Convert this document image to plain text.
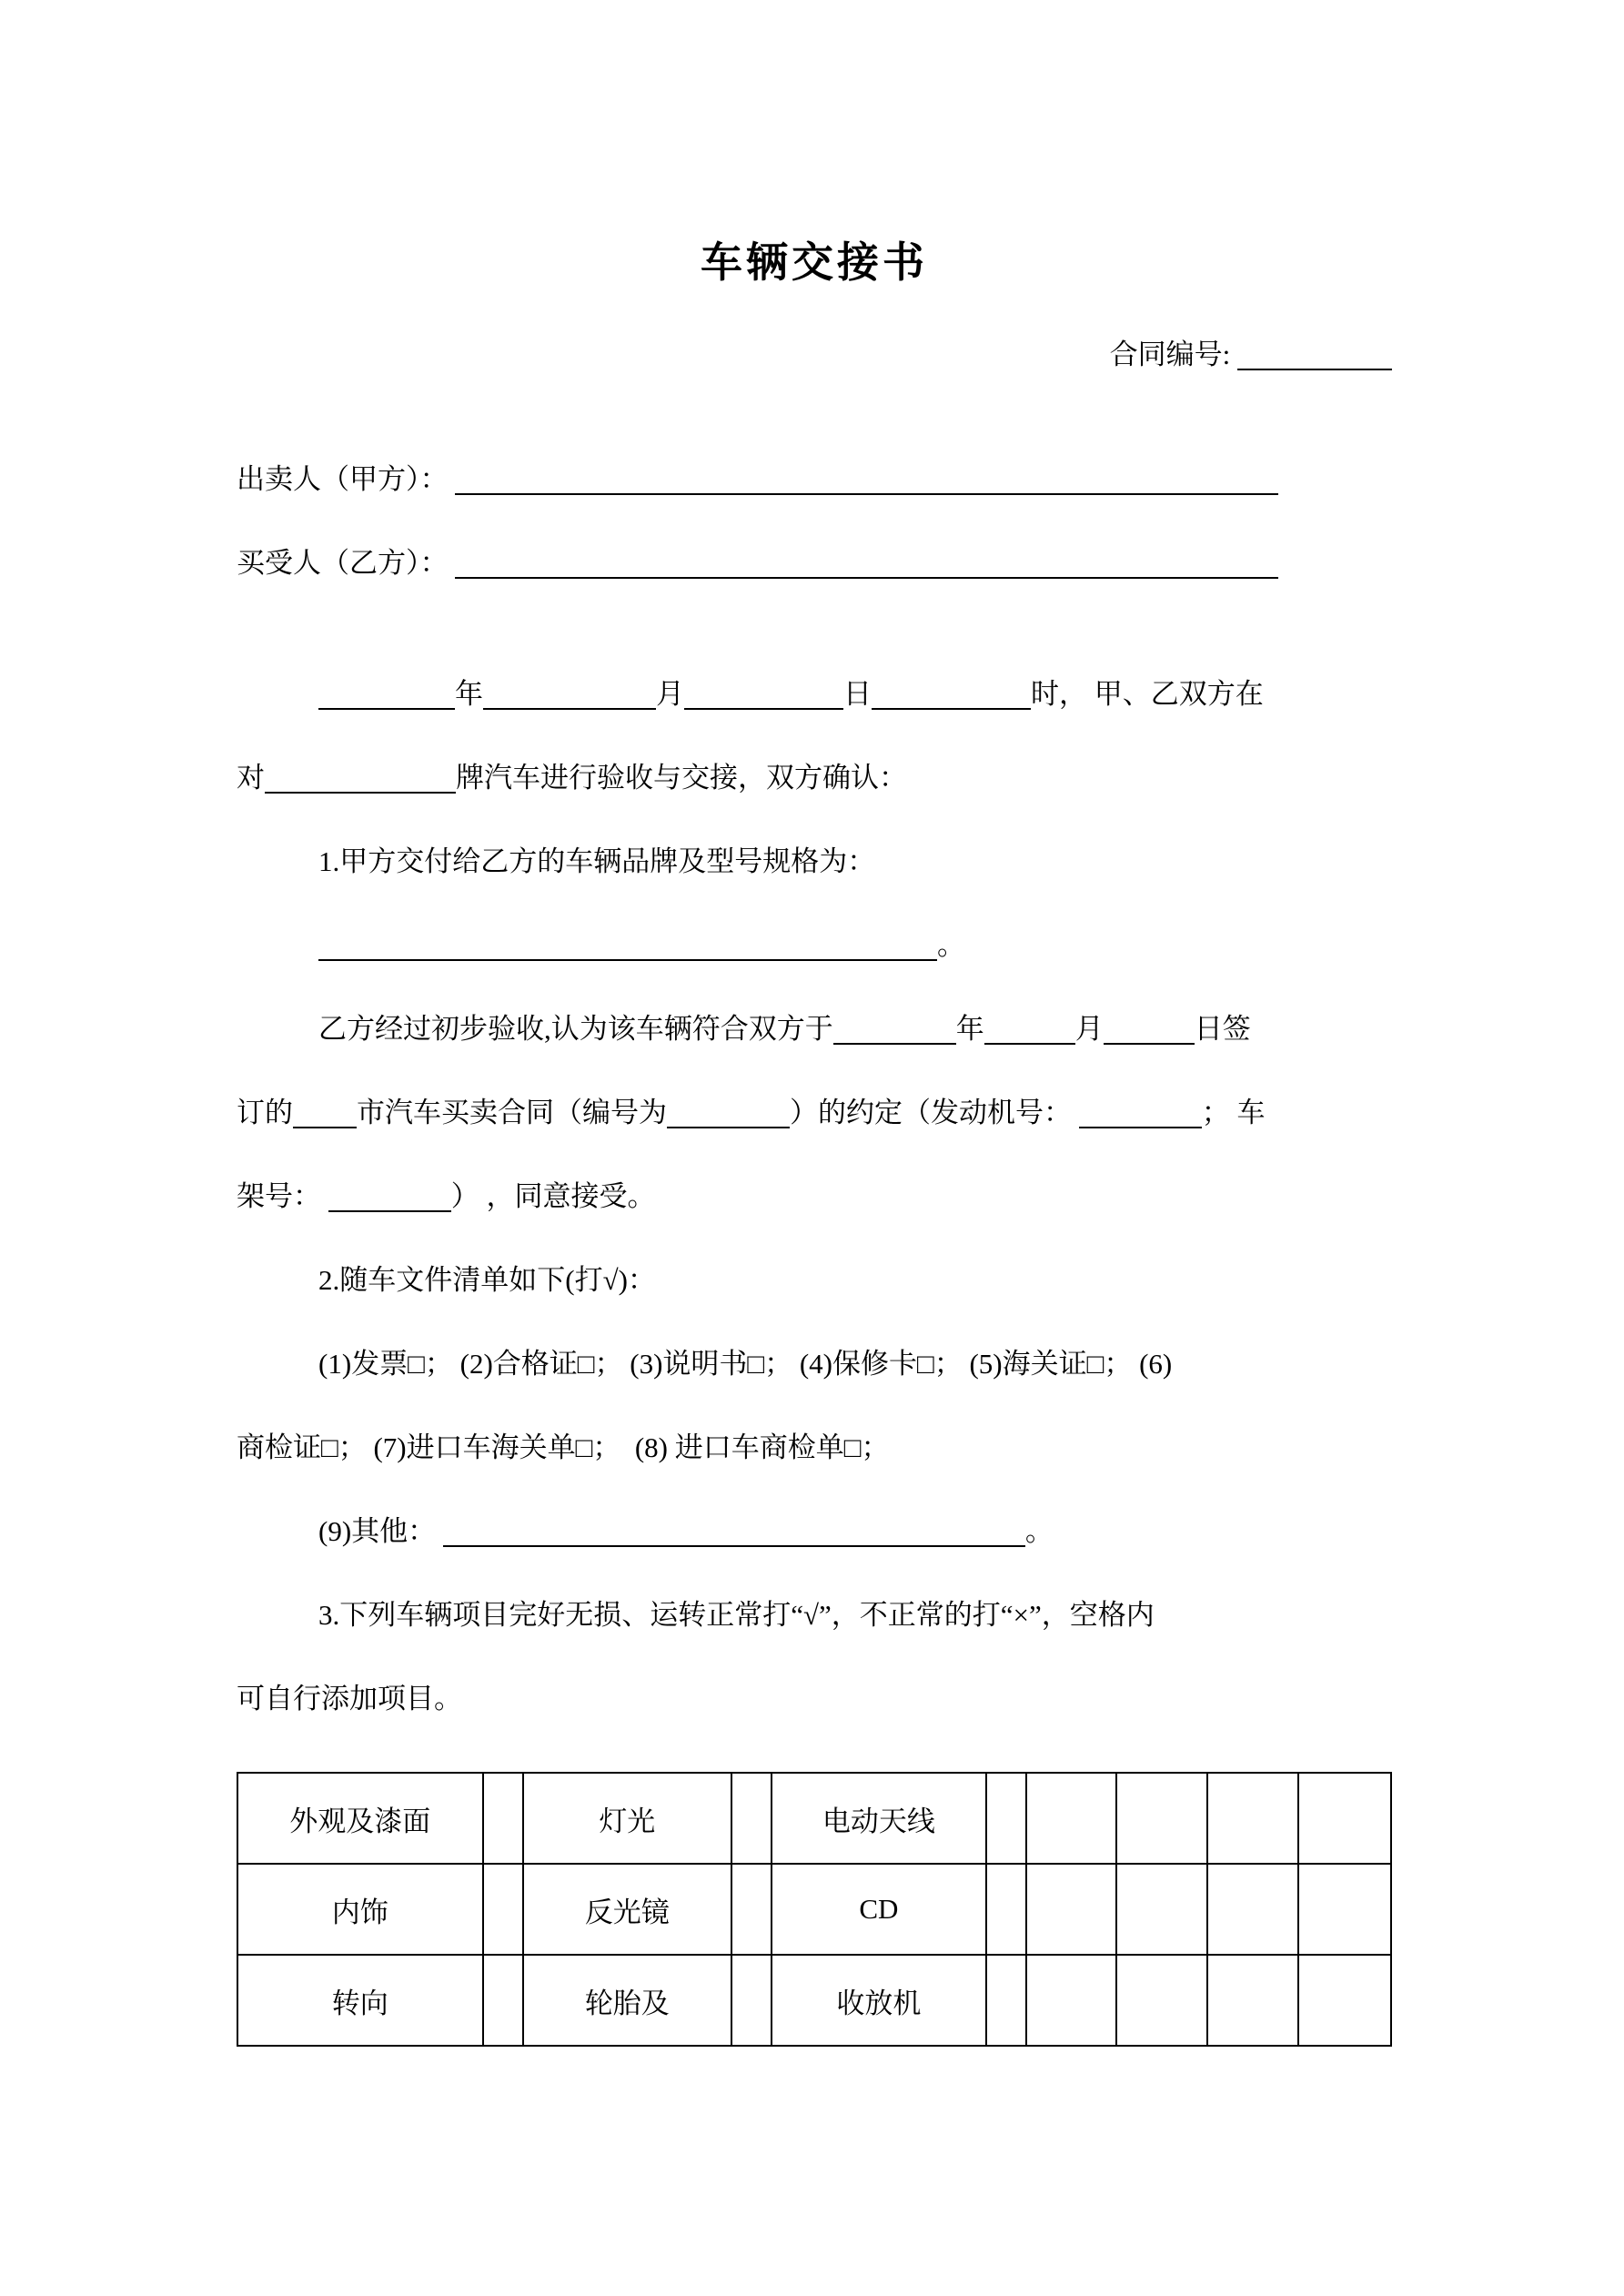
车辆交接书
合同编号:
出卖人（甲方）：
买受人（乙方）：
年	月	日	时， 甲、乙双方在
对	牌汽车进行验收与交接，双方确认：
1.甲方交付给乙方的车辆品牌及型号规格为：
。
乙方经过初步验收,认为该车辆符合双方于	年	月	日签
订的 市汽车买卖合同（编号为	）的约定（发动机号：	； 车
架号：	） ，同意接受。
2.随车文件清单如下(打√)：
(1)发票□； (2)合格证□； (3)说明书□； (4)保修卡□； (5)海关证□； (6)
商检证□； (7)进口车海关单□；  (8) 进口车商检单□；
(9)其他：	。
3.下列车辆项目完好无损、运转正常打“√”，不正常的打“×”，空格内
可自行添加项目。
外观及漆面		灯光		电动天线					
内饰		反光镜		CD					
转向		轮胎及		收放机					
